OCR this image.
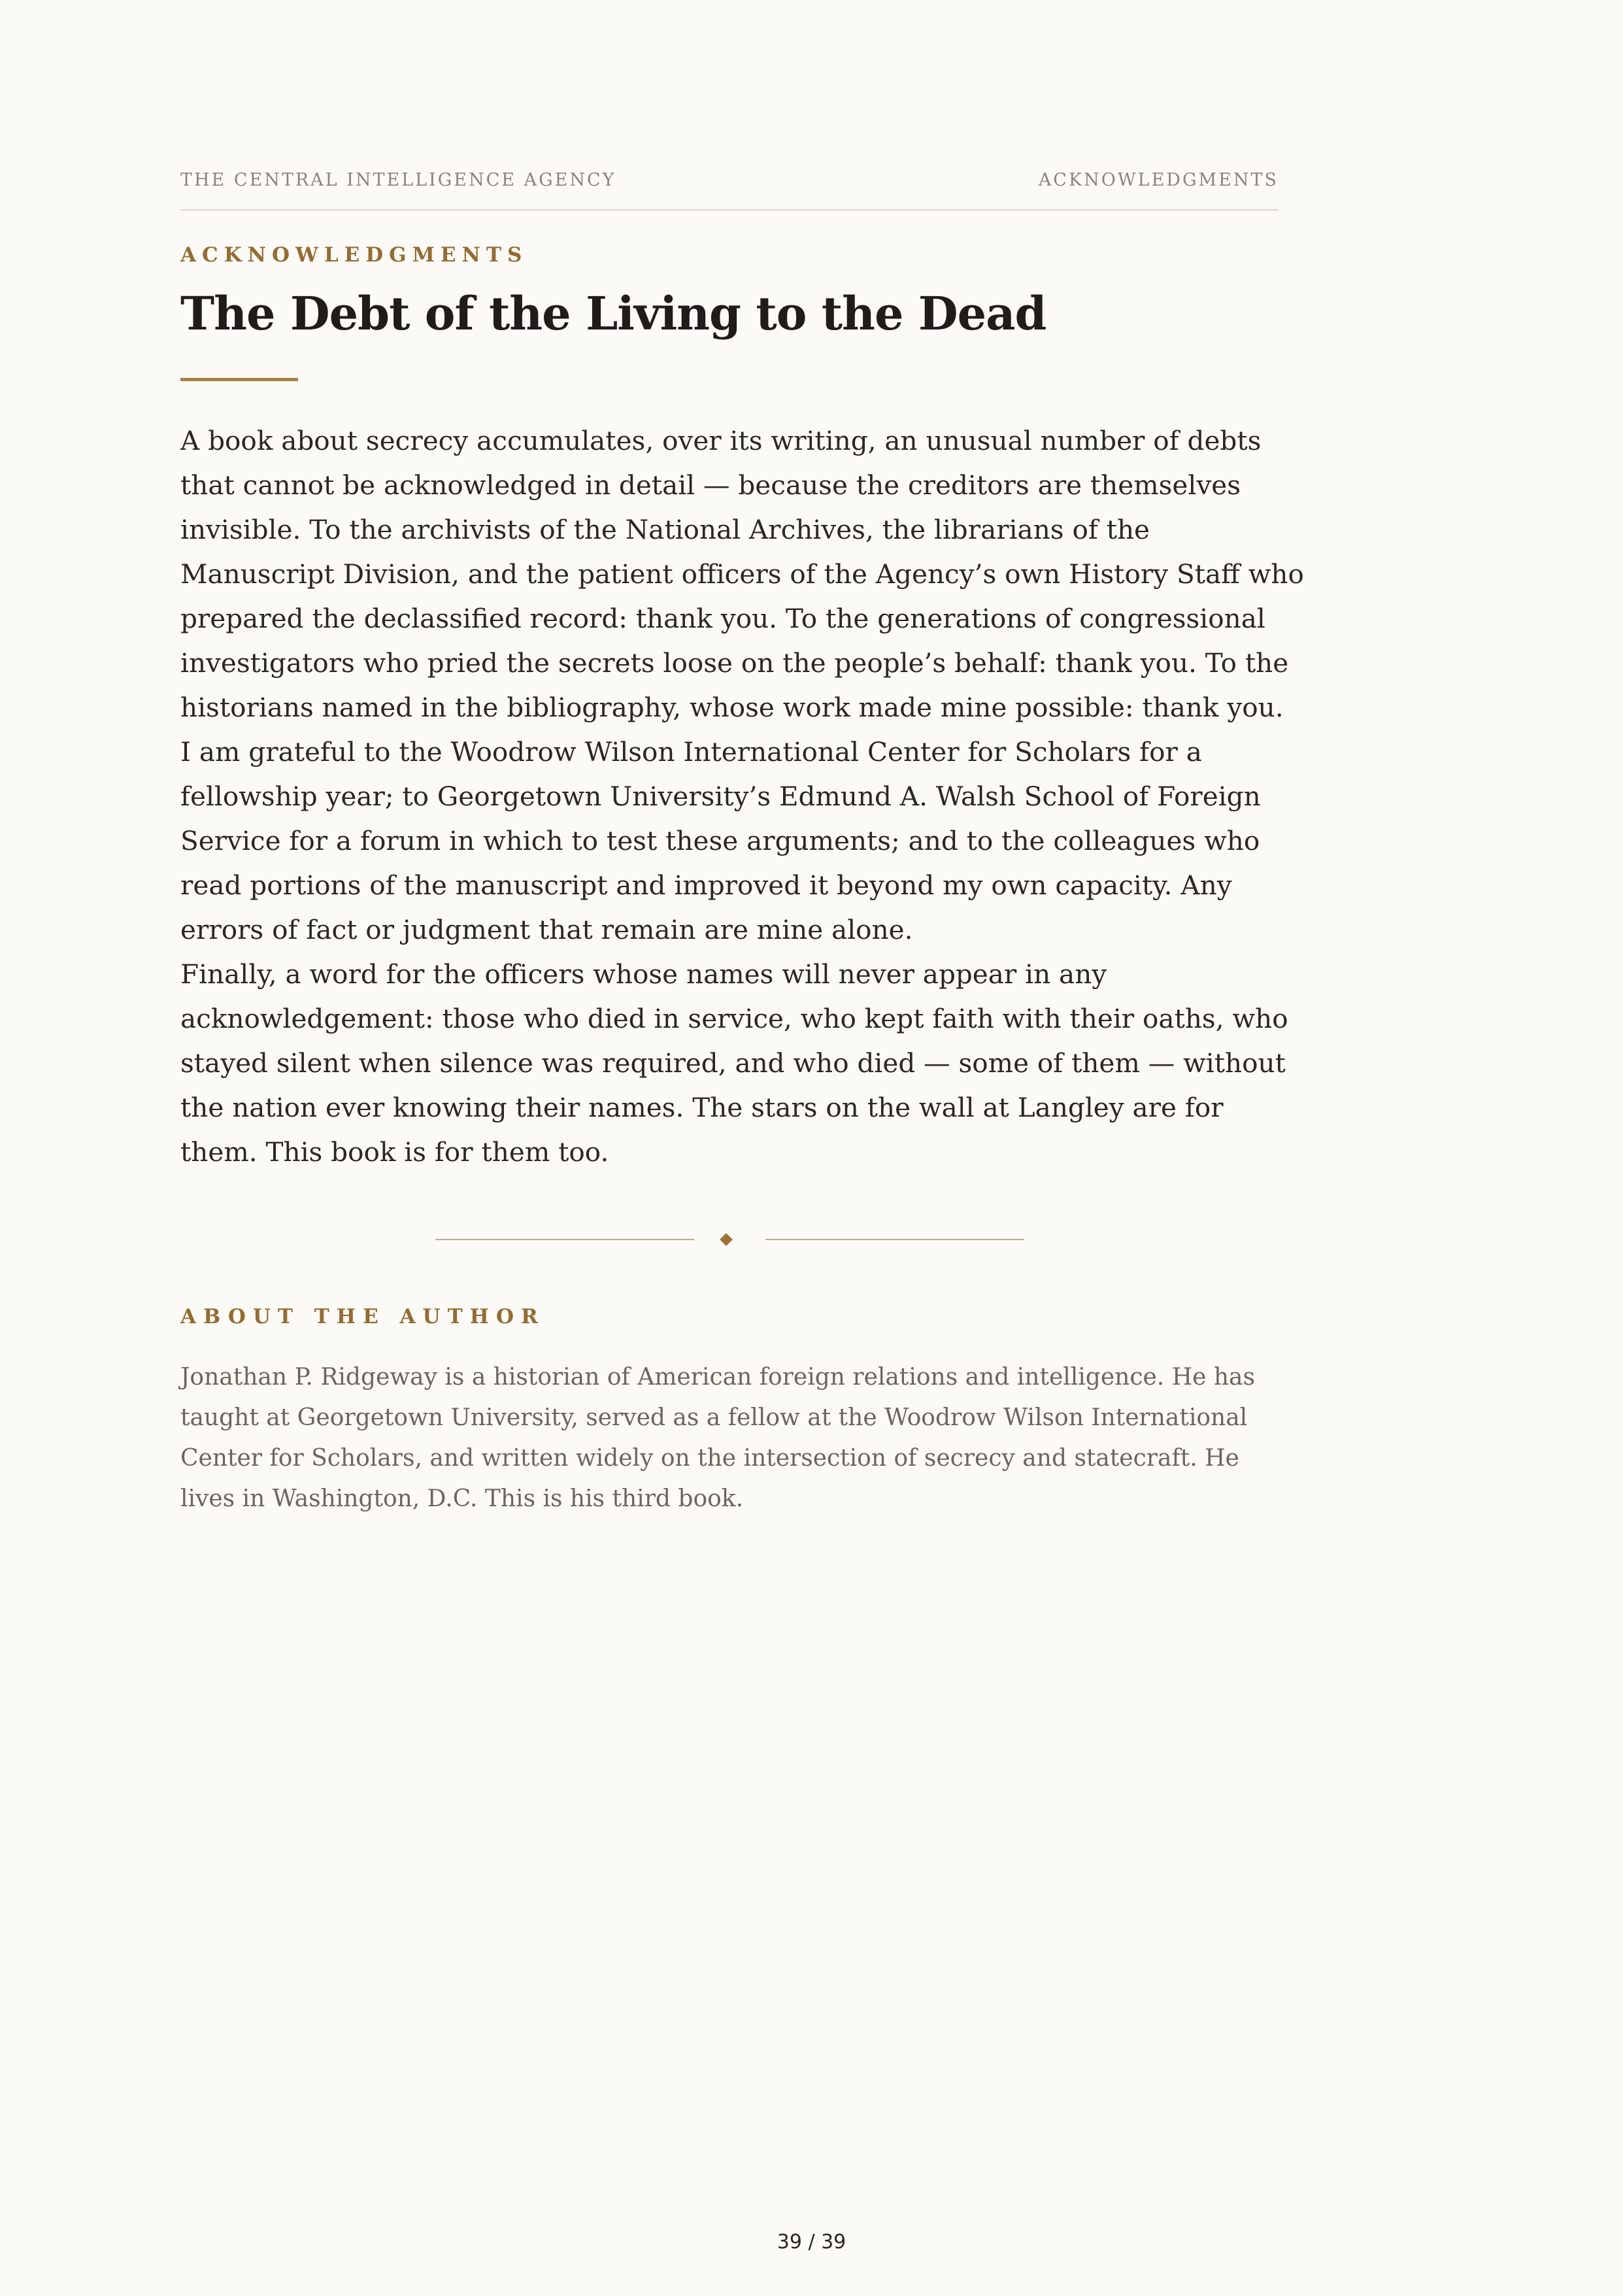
THE CENTRAL INTELLIGENCE AGENCY	ACKNOWLEDGMENTS
ACKNOWLEDGMENTS
The Debt of the Living to the Dead

A book about secrecy accumulates, over its writing, an unusual number of debts that cannot be acknowledged in detail — because the creditors are themselves invisible. To the archivists of the National Archives, the librarians of the Manuscript Division, and the patient officers of the Agency’s own History Staff who prepared the declassified record: thank you. To the generations of congressional investigators who pried the secrets loose on the people’s behalf: thank you. To the historians named in the bibliography, whose work made mine possible: thank you.

I am grateful to the Woodrow Wilson International Center for Scholars for a fellowship year; to Georgetown University’s Edmund A. Walsh School of Foreign Service for a forum in which to test these arguments; and to the colleagues who read portions of the manuscript and improved it beyond my own capacity. Any errors of fact or judgment that remain are mine alone.

Finally, a word for the officers whose names will never appear in any acknowledgement: those who died in service, who kept faith with their oaths, who stayed silent when silence was required, and who died — some of them — without the nation ever knowing their names. The stars on the wall at Langley are for them. This book is for them too.

ABOUT THE AUTHOR

Jonathan P. Ridgeway is a historian of American foreign relations and intelligence. He has taught at Georgetown University, served as a fellow at the Woodrow Wilson International Center for Scholars, and written widely on the intersection of secrecy and statecraft. He lives in Washington, D.C. This is his third book.

39 / 39
